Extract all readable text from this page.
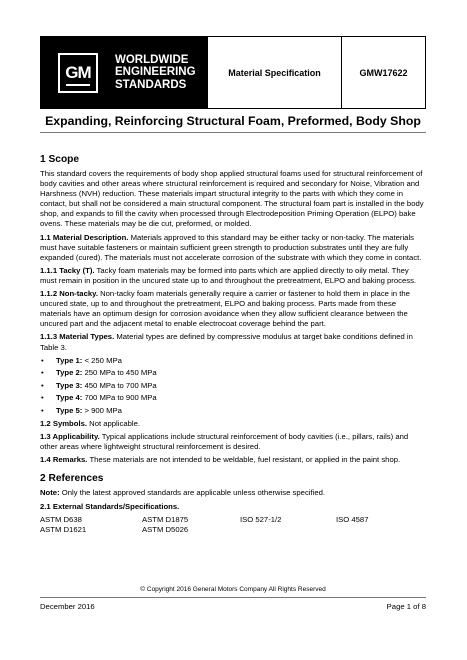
GM
WORLDWIDE
ENGINEERING
STANDARDS
Material Specification	GMW17622
Expanding, Reinforcing Structural Foam, Preformed, Body Shop
1 Scope

This standard covers the requirements of body shop applied structural foams used for structural reinforcement of body cavities and other areas where structural reinforcement is required and secondary for Noise, Vibration and Harshness (NVH) reduction. These materials impart structural integrity to the parts with which they come in contact, but shall not be considered a main structural component. The structural foam part is installed in the body shop, and expands to fill the cavity when processed through Electrodeposition Priming Operation (ELPO) bake ovens. These materials may be die cut, preformed, or molded.

1.1 Material Description. Materials approved to this standard may be either tacky or non-tacky. The materials must have suitable fasteners or maintain sufficient green strength to production substrates until they are fully expanded (cured). The materials must not accelerate corrosion of the substrate with which they come in contact.

1.1.1 Tacky (T). Tacky foam materials may be formed into parts which are applied directly to oily metal. They must remain in position in the uncured state up to and throughout the pretreatment, ELPO and baking process.

1.1.2 Non-tacky. Non-tacky foam materials generally require a carrier or fastener to hold them in place in the uncured state, up to and throughout the pretreatment, ELPO and baking process. Parts made from these materials have an optimum design for corrosion avoidance when they allow sufficient clearance between the uncured part and the adjacent metal to enable electrocoat coverage behind the part.

1.1.3 Material Types. Material types are defined by compressive modulus at target bake conditions defined in Table 3.

• Type 1: < 250 MPa
• Type 2: 250 MPa to 450 MPa
• Type 3: 450 MPa to 700 MPa
• Type 4: 700 MPa to 900 MPa
• Type 5: > 900 MPa

1.2 Symbols. Not applicable.

1.3 Applicability. Typical applications include structural reinforcement of body cavities (i.e., pillars, rails) and other areas where lightweight structural reinforcement is desired.

1.4 Remarks. These materials are not intended to be weldable, fuel resistant, or applied in the paint shop.

2 References

Note: Only the latest approved standards are applicable unless otherwise specified.

2.1 External Standards/Specifications.

ASTM D638	ASTM D1875	ISO 527-1/2	ISO 4587
ASTM D1621	ASTM D5026
© Copyright 2016 General Motors Company All Rights Reserved
December 2016	Page 1 of 8
